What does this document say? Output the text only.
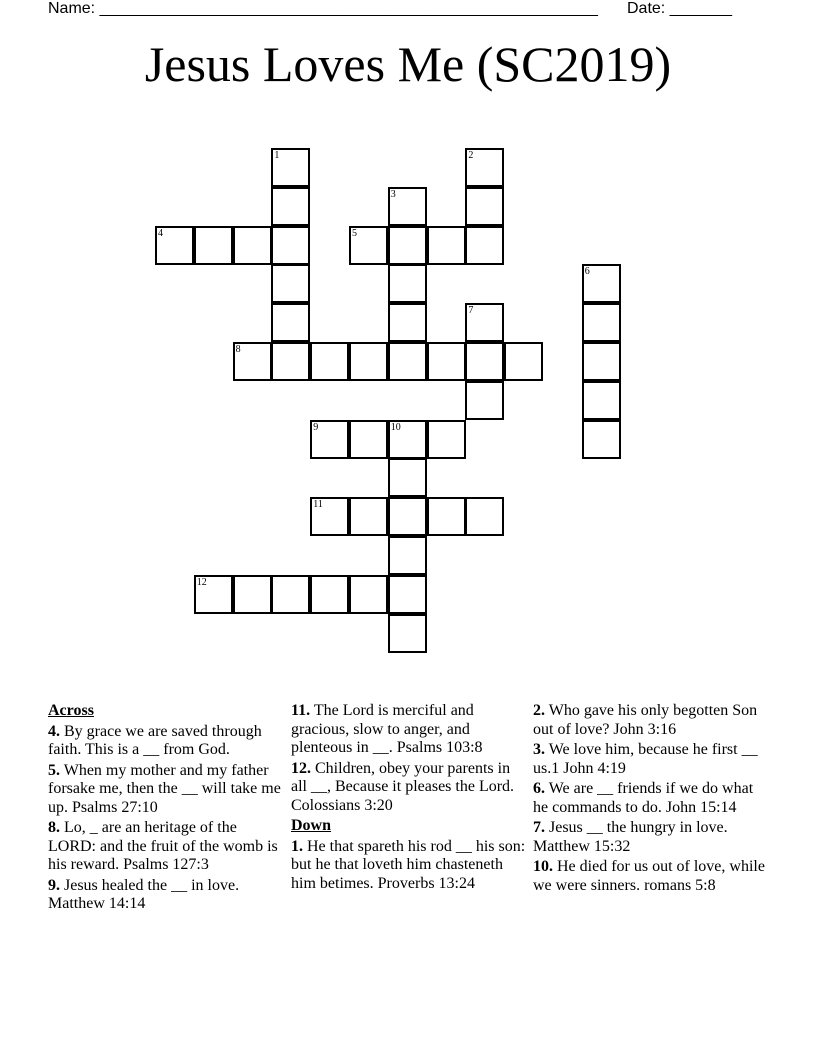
Name: ________________________________________________________ Date: _______
Jesus Loves Me (SC2019)
1	2
3
4	5
6
7
8
9	10
11
12
Across
4. By grace we are saved through faith. This is a __ from God.
5. When my mother and my father forsake me, then the __ will take me up. Psalms 27:10
8. Lo, _ are an heritage of the LORD: and the fruit of the womb is his reward. Psalms 127:3
9. Jesus healed the __ in love. Matthew 14:14
11. The Lord is merciful and gracious, slow to anger, and plenteous in __. Psalms 103:8
12. Children, obey your parents in all __, Because it pleases the Lord. Colossians 3:20
Down
1. He that spareth his rod __ his son: but he that loveth him chasteneth him betimes. Proverbs 13:24
2. Who gave his only begotten Son out of love? John 3:16
3. We love him, because he first __ us.1 John 4:19
6. We are __ friends if we do what he commands to do. John 15:14
7. Jesus __ the hungry in love. Matthew 15:32
10. He died for us out of love, while we were sinners. romans 5:8
